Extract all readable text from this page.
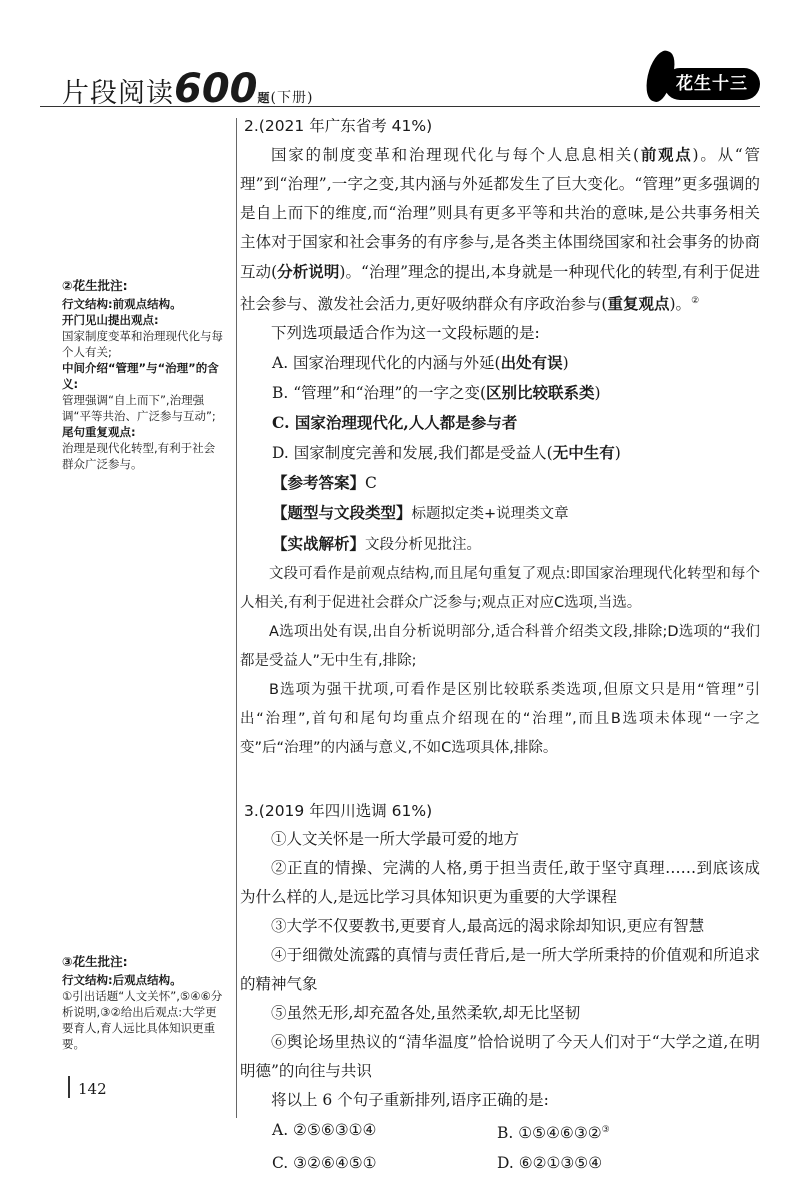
片段阅读600题(下册)
花生十三
②花生批注:
行文结构:前观点结构。
开门见山提出观点:
国家制度变革和治理现代化与每个人有关;
中间介绍“管理”与“治理”的含义:
管理强调“自上而下”,治理强调“平等共治、广泛参与互动”;
尾句重复观点:
治理是现代化转型,有利于社会群众广泛参与。
③花生批注:
行文结构:后观点结构。
①引出话题“人文关怀”,⑤④⑥分析说明,③②给出后观点:大学更要育人,育人远比具体知识更重要。
2.(2021 年广东省考 41%)
国家的制度变革和治理现代化与每个人息息相关(前观点)。从“管理”到“治理”,一字之变,其内涵与外延都发生了巨大变化。“管理”更多强调的是自上而下的维度,而“治理”则具有更多平等和共治的意味,是公共事务相关主体对于国家和社会事务的有序参与,是各类主体围绕国家和社会事务的协商互动(分析说明)。“治理”理念的提出,本身就是一种现代化的转型,有利于促进社会参与、激发社会活力,更好吸纳群众有序政治参与(重复观点)。②
下列选项最适合作为这一文段标题的是:
A. 国家治理现代化的内涵与外延(出处有误)
B. “管理”和“治理”的一字之变(区别比较联系类)
C. 国家治理现代化,人人都是参与者
D. 国家制度完善和发展,我们都是受益人(无中生有)
【参考答案】C
【题型与文段类型】标题拟定类+说理类文章
【实战解析】文段分析见批注。
文段可看作是前观点结构,而且尾句重复了观点:即国家治理现代化转型和每个人相关,有利于促进社会群众广泛参与;观点正对应C选项,当选。
A选项出处有误,出自分析说明部分,适合科普介绍类文段,排除;D选项的“我们都是受益人”无中生有,排除;
B选项为强干扰项,可看作是区别比较联系类选项,但原文只是用“管理”引出“治理”,首句和尾句均重点介绍现在的“治理”,而且B选项未体现“一字之变”后“治理”的内涵与意义,不如C选项具体,排除。
3.(2019 年四川选调 61%)
①人文关怀是一所大学最可爱的地方
②正直的情操、完满的人格,勇于担当责任,敢于坚守真理……到底该成为什么样的人,是远比学习具体知识更为重要的大学课程
③大学不仅要教书,更要育人,最高远的渴求除却知识,更应有智慧
④于细微处流露的真情与责任背后,是一所大学所秉持的价值观和所追求的精神气象
⑤虽然无形,却充盈各处,虽然柔软,却无比坚韧
⑥舆论场里热议的“清华温度”恰恰说明了今天人们对于“大学之道,在明明德”的向往与共识
将以上 6 个句子重新排列,语序正确的是:
A. ②⑤⑥③①④	B. ①⑤④⑥③②③
C. ③②⑥④⑤①	D. ⑥②①③⑤④
142
